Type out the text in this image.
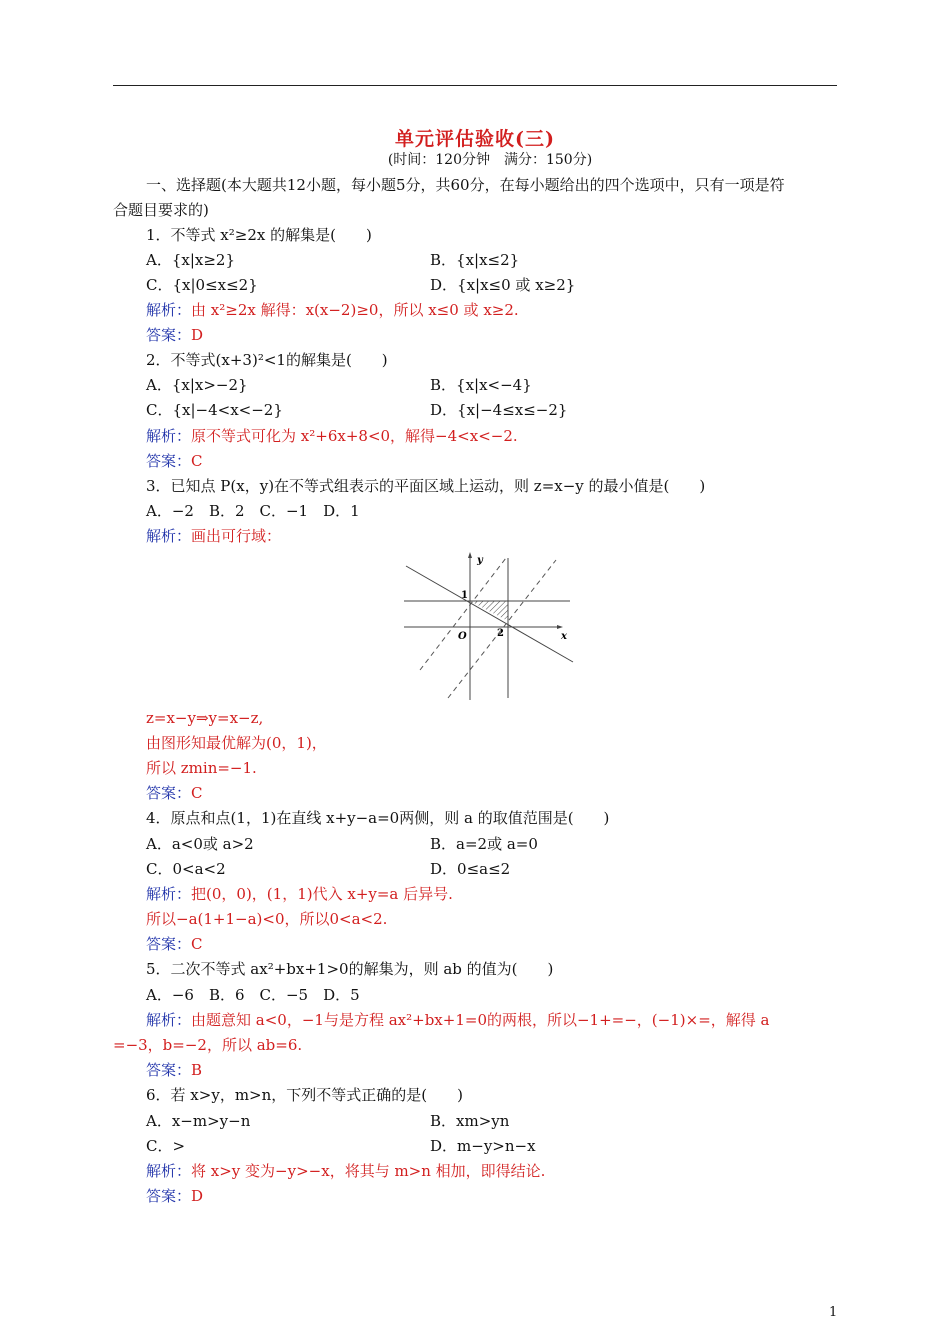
单元评估验收(三)
(时间：120分钟　满分：150分)
一、选择题(本大题共12小题，每小题5分，共60分，在每小题给出的四个选项中，只有一项是符
合题目要求的)
1．不等式 x²≥2x 的解集是(　　)
A．{x|x≥2}	B．{x|x≤2}
C．{x|0≤x≤2}	D．{x|x≤0 或 x≥2}
解析：由 x²≥2x 解得：x(x−2)≥0，所以 x≤0 或 x≥2.
答案：D
2．不等式(x+3)²<1的解集是(　　)
A．{x|x>−2}	B．{x|x<−4}
C．{x|−4<x<−2}	D．{x|−4≤x≤−2}
解析：原不等式可化为 x²+6x+8<0，解得−4<x<−2.
答案：C
3．已知点 P(x，y)在不等式组表示的平面区域上运动，则 z=x−y 的最小值是(　　)
A．−2　B．2　C．−1　D．1
解析：画出可行域：
y
x
O
1
2
z=x−y⇒y=x−z,
由图形知最优解为(0，1)，
所以 zmin=−1.
答案：C
4．原点和点(1，1)在直线 x+y−a=0两侧，则 a 的取值范围是(　　)
A．a<0或 a>2	B．a=2或 a=0
C．0<a<2	D．0≤a≤2
解析：把(0，0)，(1，1)代入 x+y=a 后异号.
所以−a(1+1−a)<0，所以0<a<2.
答案：C
5．二次不等式 ax²+bx+1>0的解集为，则 ab 的值为(　　)
A．−6　B．6　C．−5　D．5
解析：由题意知 a<0，−1与是方程 ax²+bx+1=0的两根，所以−1+=−，(−1)×=，解得 a
=−3，b=−2，所以 ab=6.
答案：B
6．若 x>y，m>n，下列不等式正确的是(　　)
A．x−m>y−n	B．xm>yn
C．>	D．m−y>n−x
解析：将 x>y 变为−y>−x，将其与 m>n 相加，即得结论.
答案：D
1
